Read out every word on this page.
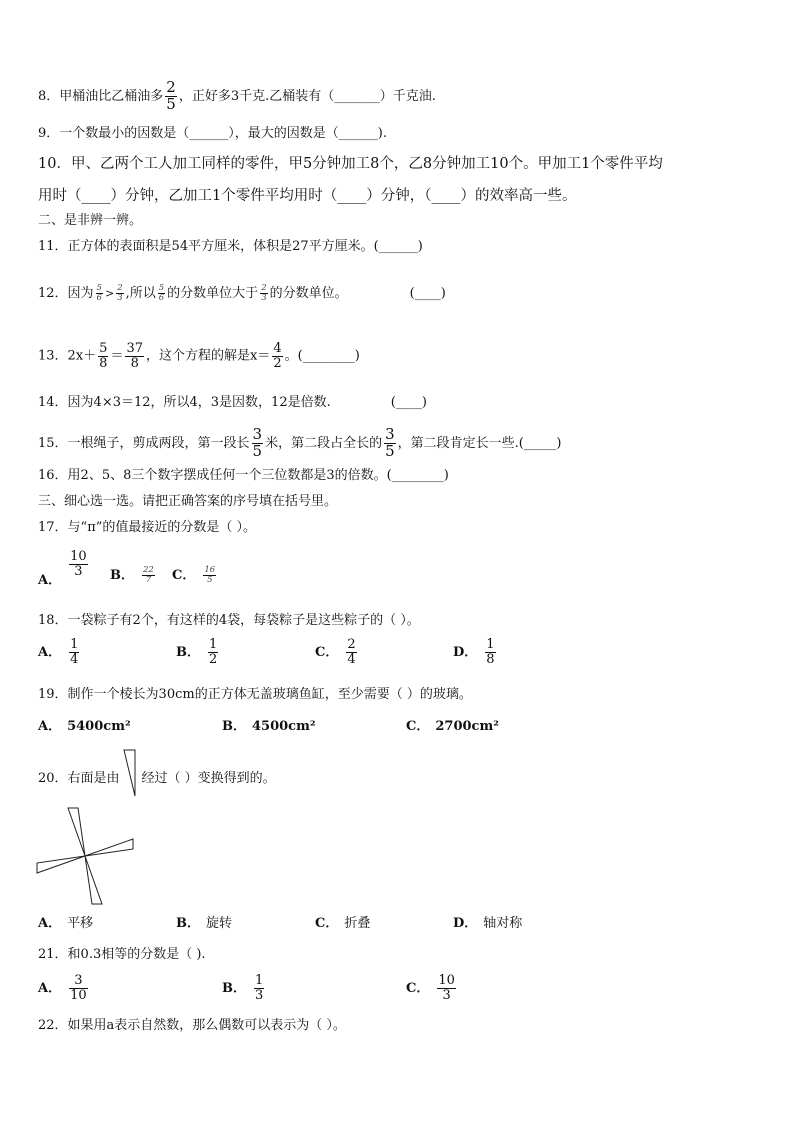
8．甲桶油比乙桶油多 $\frac{2}{5}$ ，正好多3千克.乙桶装有（_______）千克油.
9．一个数最小的因数是（______），最大的因数是（______).
10．甲、乙两个工人加工同样的零件，甲5分钟加工8个，乙8分钟加工10个。甲加工1个零件平均
用时（____）分钟，乙加工1个零件平均用时（____）分钟，（____）的效率高一些。
二、是非辨一辨。
11．正方体的表面积是54平方厘米，体积是27平方厘米。(______)
12．因为 $\frac{5}{6} > \frac{2}{3}$ ,所以 $\frac{5}{6}$ 的分数单位大于 $\frac{2}{3}$ 的分数单位。	(____)
13．$2x+ \frac{5}{8} = \frac{37}{8}$ ，这个方程的解是$x= \frac{4}{2}$ 。(________)
14．因为4×3＝12，所以4，3是因数，12是倍数.	(____)
15．一根绳子，剪成两段，第一段长 $\frac{3}{5}$ 米，第二段占全长的 $\frac{3}{5}$ ，第二段肯定长一些.(_____)
16．用2、5、8三个数字摆成任何一个三位数都是3的倍数。(________)
三、细心选一选。请把正确答案的序号填在括号里。
17．与“π”的值最接近的分数是（ ）。
A．
$\frac{10}{3}$ B． $\frac{22}{7}$ C． $\frac{16}{5}$
18．一袋粽子有2个，有这样的4袋，每袋粽子是这些粽子的（ ）。
A． $\frac{1}{4}$	B． $\frac{1}{2}$	C． $\frac{2}{4}$	D． $\frac{1}{8}$
19．制作一个棱长为30cm的正方体无盖玻璃鱼缸，至少需要（ ）的玻璃。
A． 5400cm²	B． 4500cm²	C． 2700cm²
20．右面是由 经过（ ）变换得到的。
A． 平移	B． 旋转	C． 折叠	D． 轴对称
21．和0.3相等的分数是（ ).
A． $\frac{3}{10}$	B． $\frac{1}{3}$	C． $\frac{10}{3}$
22．如果用a表示自然数，那么偶数可以表示为（ ）。
